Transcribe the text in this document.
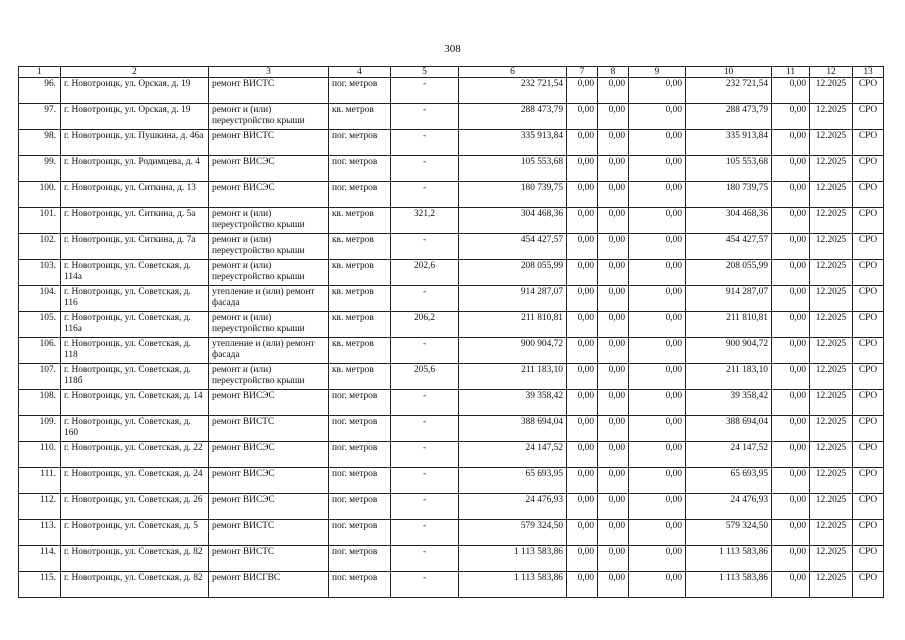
308
1	2	3	4	5	6	7	8	9	10	11	12	13
96.	г. Новотроицк, ул. Орская, д. 19	ремонт ВИСТС	пог. метров	-	232 721,54	0,00	0,00	0,00	232 721,54	0,00	12.2025	СРО
97.	г. Новотроицк, ул. Орская, д. 19	ремонт и (или) переустройство крыши	кв. метров	-	288 473,79	0,00	0,00	0,00	288 473,79	0,00	12.2025	СРО
98.	г. Новотроицк, ул. Пушкина, д. 46а	ремонт ВИСТС	пог. метров	-	335 913,84	0,00	0,00	0,00	335 913,84	0,00	12.2025	СРО
99.	г. Новотроицк, ул. Родимцева, д. 4	ремонт ВИСЭС	пог. метров	-	105 553,68	0,00	0,00	0,00	105 553,68	0,00	12.2025	СРО
100.	г. Новотроицк, ул. Ситкина, д. 13	ремонт ВИСЭС	пог. метров	-	180 739,75	0,00	0,00	0,00	180 739,75	0,00	12.2025	СРО
101.	г. Новотроицк, ул. Ситкина, д. 5а	ремонт и (или) переустройство крыши	кв. метров	321,2	304 468,36	0,00	0,00	0,00	304 468,36	0,00	12.2025	СРО
102.	г. Новотроицк, ул. Ситкина, д. 7а	ремонт и (или) переустройство крыши	кв. метров	-	454 427,57	0,00	0,00	0,00	454 427,57	0,00	12.2025	СРО
103.	г. Новотроицк, ул. Советская, д. 114а	ремонт и (или) переустройство крыши	кв. метров	202,6	208 055,99	0,00	0,00	0,00	208 055,99	0,00	12.2025	СРО
104.	г. Новотроицк, ул. Советская, д. 116	утепление и (или) ремонт фасада	кв. метров	-	914 287,07	0,00	0,00	0,00	914 287,07	0,00	12.2025	СРО
105.	г. Новотроицк, ул. Советская, д. 116а	ремонт и (или) переустройство крыши	кв. метров	206,2	211 810,81	0,00	0,00	0,00	211 810,81	0,00	12.2025	СРО
106.	г. Новотроицк, ул. Советская, д. 118	утепление и (или) ремонт фасада	кв. метров	-	900 904,72	0,00	0,00	0,00	900 904,72	0,00	12.2025	СРО
107.	г. Новотроицк, ул. Советская, д. 118б	ремонт и (или) переустройство крыши	кв. метров	205,6	211 183,10	0,00	0,00	0,00	211 183,10	0,00	12.2025	СРО
108.	г. Новотроицк, ул. Советская, д. 14	ремонт ВИСЭС	пог. метров	-	39 358,42	0,00	0,00	0,00	39 358,42	0,00	12.2025	СРО
109.	г. Новотроицк, ул. Советская, д. 160	ремонт ВИСТС	пог. метров	-	388 694,04	0,00	0,00	0,00	388 694,04	0,00	12.2025	СРО
110.	г. Новотроицк, ул. Советская, д. 22	ремонт ВИСЭС	пог. метров	-	24 147,52	0,00	0,00	0,00	24 147,52	0,00	12.2025	СРО
111.	г. Новотроицк, ул. Советская, д. 24	ремонт ВИСЭС	пог. метров	-	65 693,95	0,00	0,00	0,00	65 693,95	0,00	12.2025	СРО
112.	г. Новотроицк, ул. Советская, д. 26	ремонт ВИСЭС	пог. метров	-	24 476,93	0,00	0,00	0,00	24 476,93	0,00	12.2025	СРО
113.	г. Новотроицк, ул. Советская, д. 5	ремонт ВИСТС	пог. метров	-	579 324,50	0,00	0,00	0,00	579 324,50	0,00	12.2025	СРО
114.	г. Новотроицк, ул. Советская, д. 82	ремонт ВИСТС	пог. метров	-	1 113 583,86	0,00	0,00	0,00	1 113 583,86	0,00	12.2025	СРО
115.	г. Новотроицк, ул. Советская, д. 82	ремонт ВИСГВС	пог. метров	-	1 113 583,86	0,00	0,00	0,00	1 113 583,86	0,00	12.2025	СРО
